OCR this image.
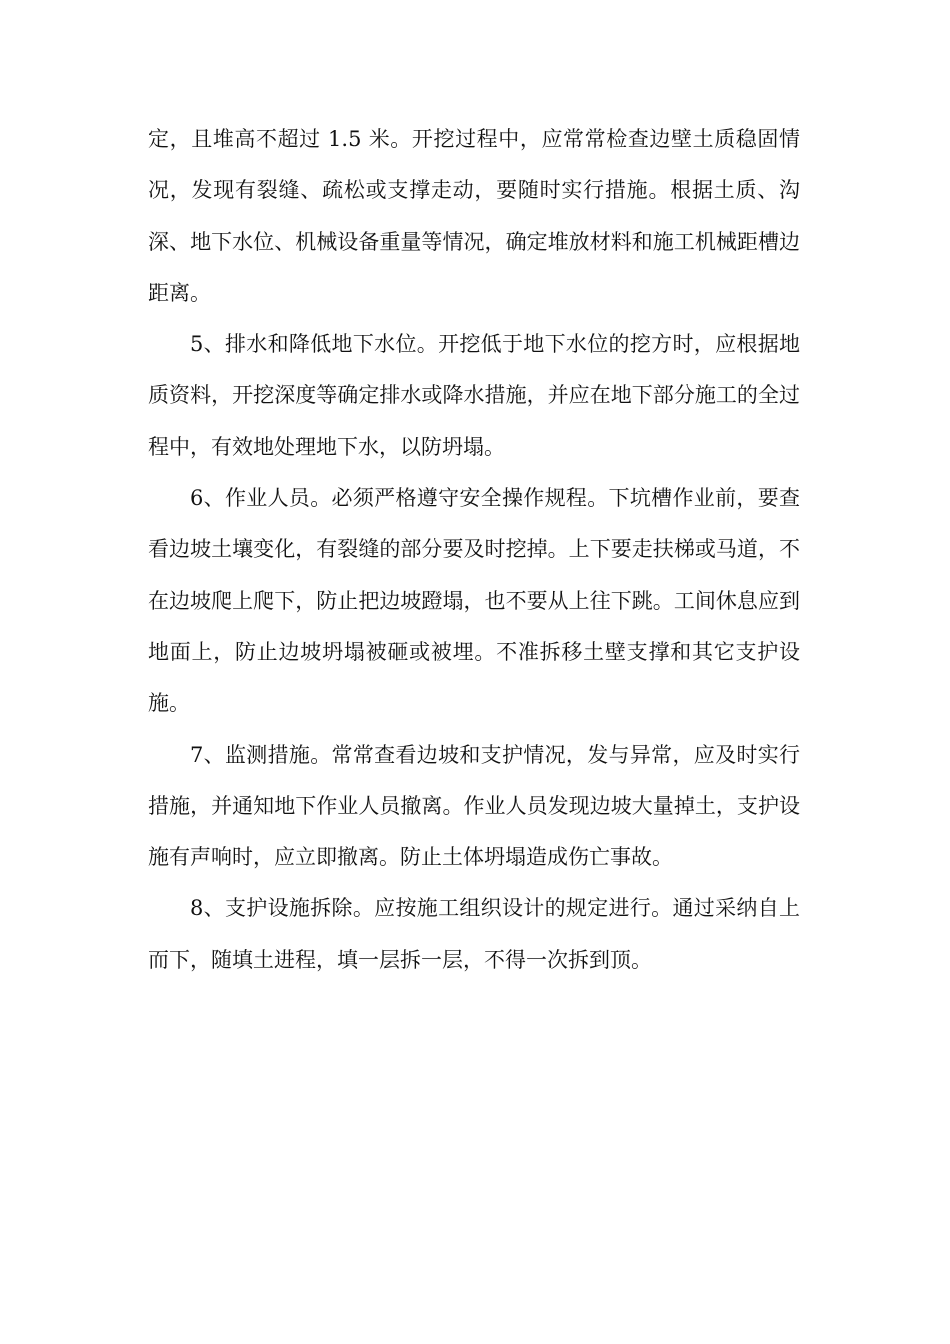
定，且堆高不超过 1.5 米。开挖过程中，应常常检查边壁土质稳固情况，发现有裂缝、疏松或支撑走动，要随时实行措施。根据土质、沟深、地下水位、机械设备重量等情况，确定堆放材料和施工机械距槽边距离。

5、排水和降低地下水位。开挖低于地下水位的挖方时，应根据地质资料，开挖深度等确定排水或降水措施，并应在地下部分施工的全过程中，有效地处理地下水，以防坍塌。

6、作业人员。必须严格遵守安全操作规程。下坑槽作业前，要查看边坡土壤变化，有裂缝的部分要及时挖掉。上下要走扶梯或马道，不在边坡爬上爬下，防止把边坡蹬塌，也不要从上往下跳。工间休息应到地面上，防止边坡坍塌被砸或被埋。不准拆移土壁支撑和其它支护设施。

7、监测措施。常常查看边坡和支护情况，发与异常，应及时实行措施，并通知地下作业人员撤离。作业人员发现边坡大量掉土，支护设施有声响时，应立即撤离。防止土体坍塌造成伤亡事故。

8、支护设施拆除。应按施工组织设计的规定进行。通过采纳自上而下，随填土进程，填一层拆一层，不得一次拆到顶。
